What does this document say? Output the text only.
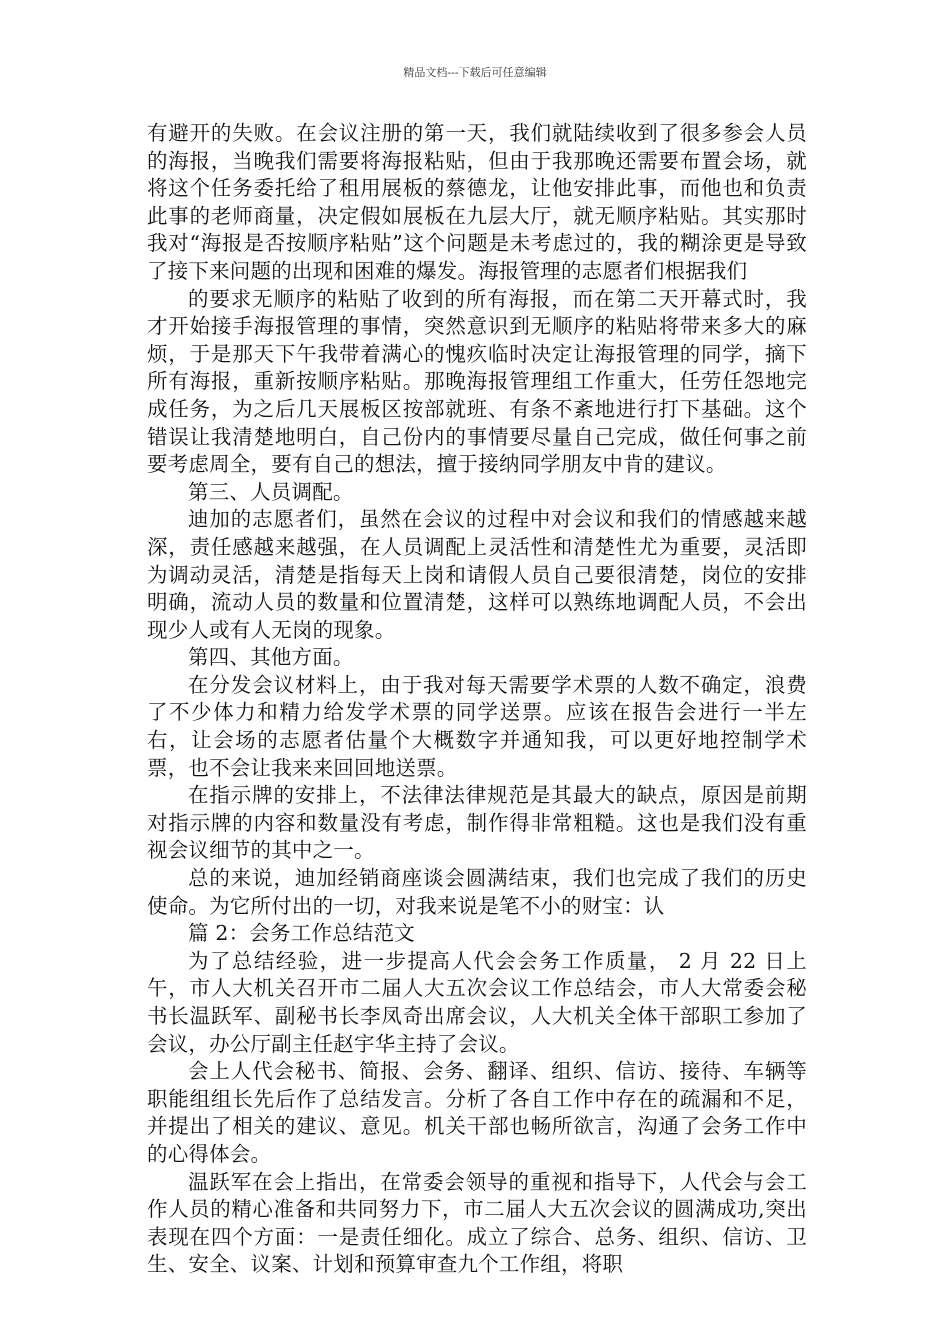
精品文档---下载后可任意编辑

有避开的失败。在会议注册的第一天，我们就陆续收到了很多参会人员的海报，当晚我们需要将海报粘贴，但由于我那晚还需要布置会场，就将这个任务委托给了租用展板的蔡德龙，让他安排此事，而他也和负责此事的老师商量，决定假如展板在九层大厅，就无顺序粘贴。其实那时我对“海报是否按顺序粘贴”这个问题是未考虑过的，我的糊涂更是导致了接下来问题的出现和困难的爆发。海报管理的志愿者们根据我们

的要求无顺序的粘贴了收到的所有海报，而在第二天开幕式时，我才开始接手海报管理的事情，突然意识到无顺序的粘贴将带来多大的麻烦，于是那天下午我带着满心的愧疚临时决定让海报管理的同学，摘下所有海报，重新按顺序粘贴。那晚海报管理组工作重大，任劳任怨地完成任务，为之后几天展板区按部就班、有条不紊地进行打下基础。这个错误让我清楚地明白，自己份内的事情要尽量自己完成，做任何事之前要考虑周全，要有自己的想法，擅于接纳同学朋友中肯的建议。

第三、人员调配。

迪加的志愿者们，虽然在会议的过程中对会议和我们的情感越来越深，责任感越来越强，在人员调配上灵活性和清楚性尤为重要，灵活即为调动灵活，清楚是指每天上岗和请假人员自己要很清楚，岗位的安排明确，流动人员的数量和位置清楚，这样可以熟练地调配人员，不会出现少人或有人无岗的现象。

第四、其他方面。

在分发会议材料上，由于我对每天需要学术票的人数不确定，浪费了不少体力和精力给发学术票的同学送票。应该在报告会进行一半左右，让会场的志愿者估量个大概数字并通知我，可以更好地控制学术票，也不会让我来来回回地送票。

在指示牌的安排上，不法律法律规范是其最大的缺点，原因是前期对指示牌的内容和数量没有考虑，制作得非常粗糙。这也是我们没有重视会议细节的其中之一。

总的来说，迪加经销商座谈会圆满结束，我们也完成了我们的历史使命。为它所付出的一切，对我来说是笔不小的财宝：认

篇 2：会务工作总结范文

为了总结经验，进一步提高人代会会务工作质量， 2 月 22 日上午，市人大机关召开市二届人大五次会议工作总结会，市人大常委会秘书长温跃军、副秘书长李凤奇出席会议，人大机关全体干部职工参加了会议，办公厅副主任赵宇华主持了会议。

会上人代会秘书、简报、会务、翻译、组织、信访、接待、车辆等职能组组长先后作了总结发言。分析了各自工作中存在的疏漏和不足，并提出了相关的建议、意见。机关干部也畅所欲言，沟通了会务工作中的心得体会。

温跃军在会上指出，在常委会领导的重视和指导下，人代会与会工作人员的精心准备和共同努力下，市二届人大五次会议的圆满成功,突出表现在四个方面：一是责任细化。成立了综合、总务、组织、信访、卫生、安全、议案、计划和预算审查九个工作组，将职
